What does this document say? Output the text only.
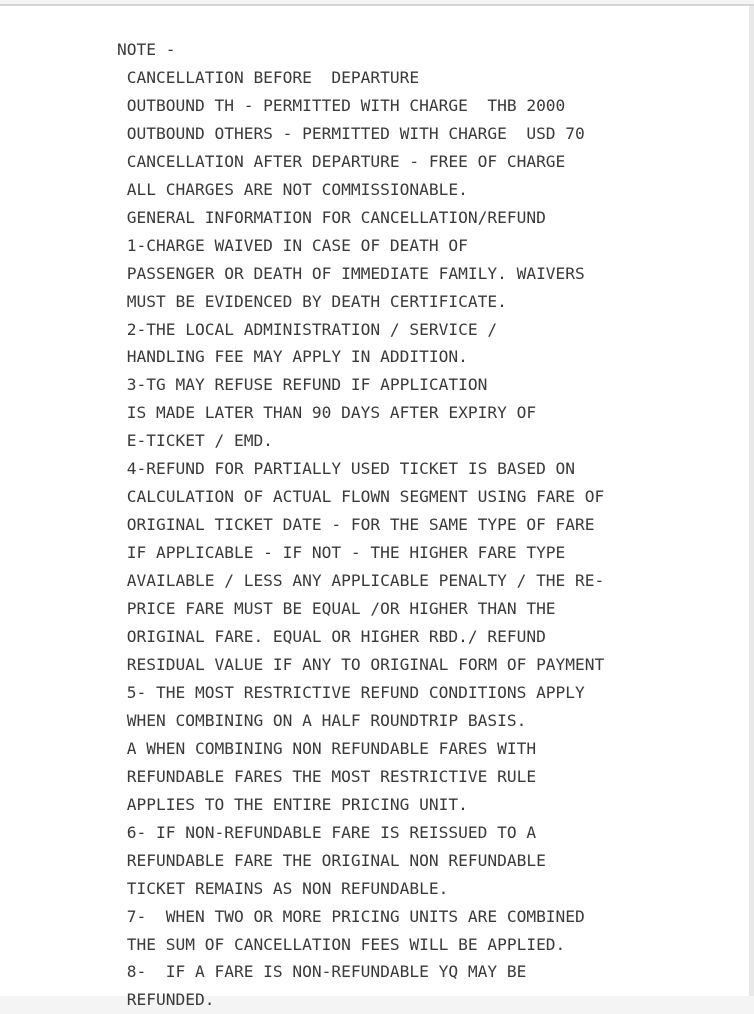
NOTE -
CANCELLATION BEFORE  DEPARTURE
OUTBOUND TH - PERMITTED WITH CHARGE  THB 2000
OUTBOUND OTHERS - PERMITTED WITH CHARGE  USD 70
CANCELLATION AFTER DEPARTURE - FREE OF CHARGE
ALL CHARGES ARE NOT COMMISSIONABLE.
GENERAL INFORMATION FOR CANCELLATION/REFUND
1-CHARGE WAIVED IN CASE OF DEATH OF
PASSENGER OR DEATH OF IMMEDIATE FAMILY. WAIVERS
MUST BE EVIDENCED BY DEATH CERTIFICATE.
2-THE LOCAL ADMINISTRATION / SERVICE /
HANDLING FEE MAY APPLY IN ADDITION.
3-TG MAY REFUSE REFUND IF APPLICATION
IS MADE LATER THAN 90 DAYS AFTER EXPIRY OF
E-TICKET / EMD.
4-REFUND FOR PARTIALLY USED TICKET IS BASED ON
CALCULATION OF ACTUAL FLOWN SEGMENT USING FARE OF
ORIGINAL TICKET DATE - FOR THE SAME TYPE OF FARE
IF APPLICABLE - IF NOT - THE HIGHER FARE TYPE
AVAILABLE / LESS ANY APPLICABLE PENALTY / THE RE-
PRICE FARE MUST BE EQUAL /OR HIGHER THAN THE
ORIGINAL FARE. EQUAL OR HIGHER RBD./ REFUND
RESIDUAL VALUE IF ANY TO ORIGINAL FORM OF PAYMENT
5- THE MOST RESTRICTIVE REFUND CONDITIONS APPLY
WHEN COMBINING ON A HALF ROUNDTRIP BASIS.
A WHEN COMBINING NON REFUNDABLE FARES WITH
REFUNDABLE FARES THE MOST RESTRICTIVE RULE
APPLIES TO THE ENTIRE PRICING UNIT.
6- IF NON-REFUNDABLE FARE IS REISSUED TO A
REFUNDABLE FARE THE ORIGINAL NON REFUNDABLE
TICKET REMAINS AS NON REFUNDABLE.
7-  WHEN TWO OR MORE PRICING UNITS ARE COMBINED
THE SUM OF CANCELLATION FEES WILL BE APPLIED.
8-  IF A FARE IS NON-REFUNDABLE YQ MAY BE
REFUNDED.
